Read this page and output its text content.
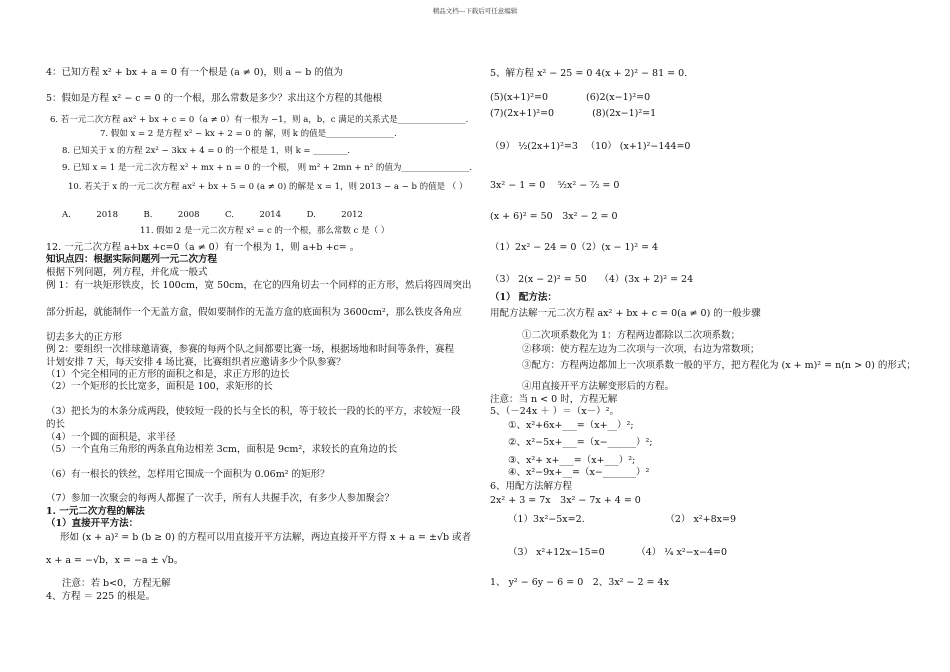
精品文档---下载后可任意编辑
4：已知方程 x² + bx + a = 0 有一个根是 (a ≠ 0)，则 a − b 的值为
5：假如是方程 x² − c = 0 的一个根，那么常数是多少？求出这个方程的其他根
6. 若一元二次方程 ax² + bx + c = 0（a ≠ 0）有一根为 −1，则 a，b，c 满足的关系式是________________.
7. 假如 x = 2 是方程 x² − kx + 2 = 0 的 解，则 k 的值是________________.
8. 已知关于 x 的方程 2x² − 3kx + 4 = 0 的一个根是 1，则 k = ________.
9. 已知 x = 1 是一元二次方程 x² + mx + n = 0 的一个根， 则 m² + 2mn + n² 的值为________________.
10. 若关于 x 的一元二次方程 ax² + bx + 5 = 0 (a ≠ 0) 的解是 x = 1，则 2013 − a − b 的值是 （ ）
A.　　　2018　　　B.　　　2008　　　C.　　　2014　　　D.　　　2012
11. 假如 2 是一元二次方程 x² = c 的一个根，那么常数 c 是（ ）
12. 一元二次方程 a+bx +c=0（a ≠ 0）有一个根为 1，则 a+b +c= 。
知识点四：根据实际问题列一元二次方程
根据下列问题，列方程，并化成一般式
例 1：有一块矩形铁皮，长 100cm，宽 50cm，在它的四角切去一个同样的正方形，然后将四周突出
部分折起，就能制作一个无盖方盒，假如要制作的无盖方盒的底面积为 3600cm²，那么铁皮各角应
切去多大的正方形
例 2：要组织一次排球邀请赛，参赛的每两个队之间都要比赛一场，根据场地和时间等条件，赛程
计划安排 7 天，每天安排 4 场比赛，比赛组织者应邀请多少个队参赛？
（1）个完全相同的正方形的面积之和是，求正方形的边长
（2）一个矩形的长比宽多，面积是 100，求矩形的长
（3）把长为的木条分成两段，使较短一段的长与全长的积，等于较长一段的长的平方，求较短一段
的长
（4）一个圆的面积是，求半径
（5）一个直角三角形的两条直角边相差 3cm，面积是 9cm²，求较长的直角边的长
（6）有一根长的铁丝，怎样用它围成一个面积为 0.06m² 的矩形？
（7）参加一次聚会的每两人都握了一次手，所有人共握手次，有多少人参加聚会？
1. 一元二次方程的解法
（1）直接开平方法：
形如 (x + a)² = b (b ≥ 0) 的方程可以用直接开平方法解，两边直接开平方得 x + a = ±√b 或者
x + a = −√b，x = −a ± √b。
注意：若 b<0，方程无解
4、方程 ＝ 225 的根是。
5、解方程 x² − 25 = 0 4(x + 2)² − 81 = 0.
(5)(x+1)²=0　　　　(6)2(x−1)²=0
(7)(2x+1)²=0　　　　(8)(2x−1)²=1
（9） ½(2x+1)²=3 　（10） (x+1)²−144=0
3x² − 1 = 0　 ⁵⁄₂x² − ⁷⁄₂ = 0
(x + 6)² = 50　3x² − 2 = 0
（1）2x² − 24 = 0（2）(x − 1)² = 4
（3） 2(x − 2)² = 50　 （4）(3x + 2)² = 24
（1） 配方法：
用配方法解一元二次方程 ax² + bx + c = 0(a ≠ 0) 的一般步骤
①二次项系数化为 1：方程两边都除以二次项系数；
②移项：使方程左边为二次项与一次项，右边为常数项；
③配方：方程两边都加上一次项系数一般的平方，把方程化为 (x + m)² = n(n > 0) 的形式；
④用直接开平方法解变形后的方程。
注意：当 n < 0 时，方程无解
5、（－24x ＋ ）＝（x－）²。
①、x²+6x+___=（x+__）²;
②、x²−5x+___=（x−______）²;
③、x²+ x+___=（x+___）²;
④、x²−9x+__=（x−_______）²
6、用配方法解方程
2x² + 3 = 7x　3x² − 7x + 4 = 0
（1）3x²−5x=2.　　　　　　　　　（2） x²+8x=9
（3） x²+12x−15=0　　　 （4） ¼ x²−x−4=0
1、 y² − 6y − 6 = 0　2、3x² − 2 = 4x
